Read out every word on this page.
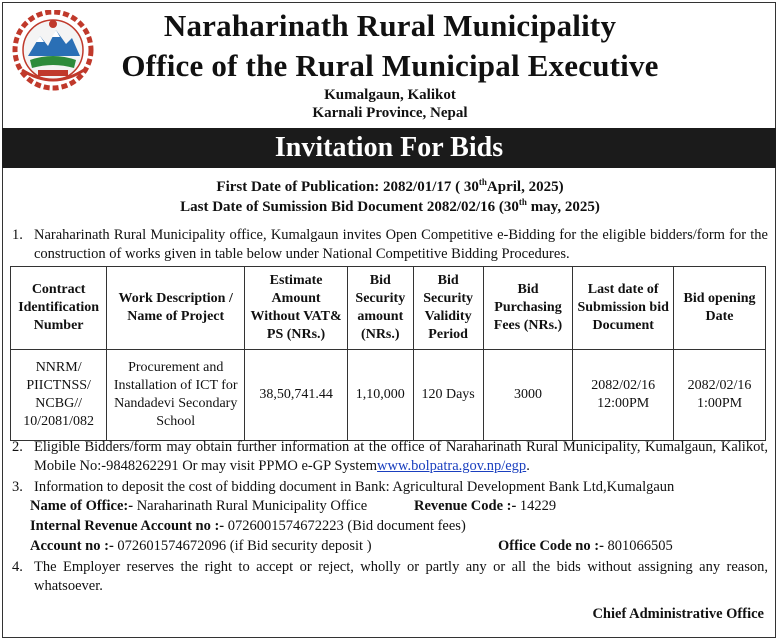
Naraharinath Rural Municipality
Office of the Rural Municipal Executive
Kumalgaun, Kalikot
Karnali Province, Nepal
Invitation For Bids
First Date of Publication: 2082/01/17 ( 30thApril, 2025)
Last Date of Sumission Bid Document 2082/02/16 (30th may, 2025)
1. Naraharinath Rural Municipality office, Kumalgaun invites Open Competitive e-Bidding for the eligible bidders/form for the construction of works given in table below under National Competitive Bidding Procedures.
Contract Identification Number	Work Description / Name of Project	Estimate Amount Without VAT& PS (NRs.)	Bid Security amount (NRs.)	Bid Security Validity Period	Bid Purchasing Fees (NRs.)	Last date of Submission bid Document	Bid opening Date
NNRM/ PIICTNSS/ NCBG// 10/2081/082	Procurement and Installation of ICT for Nandadevi Secondary School	38,50,741.44	1,10,000	120 Days	3000	2082/02/16 12:00PM	2082/02/16 1:00PM
2. Eligible Bidders/form may obtain further information at the office of Naraharinath Rural Municipality, Kumalgaun, Kalikot, Mobile No:-9848262291 Or may visit PPMO e-GP Systemwww.bolpatra.gov.np/egp.
3. Information to deposit the cost of bidding document in Bank: Agricultural Development Bank Ltd,Kumalgaun
Name of Office:- Naraharinath Rural Municipality Office	Revenue Code :- 14229
Internal Revenue Account no :- 0726001574672223 (Bid document fees)
Account no :- 072601574672096 (if Bid security deposit )	Office Code no :- 801066505
4. The Employer reserves the right to accept or reject, wholly or partly any or all the bids without assigning any reason, whatsoever.
Chief Administrative Office
